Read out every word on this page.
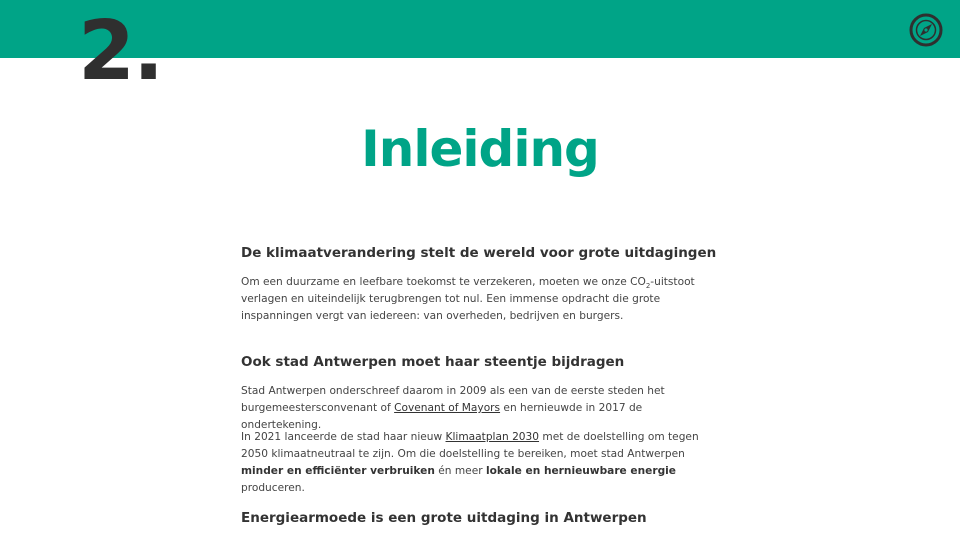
2.
Inleiding
De klimaatverandering stelt de wereld voor grote uitdagingen

Om een duurzame en leefbare toekomst te verzekeren, moeten we onze $CO_2$-uitstoot verlagen en uiteindelijk terugbrengen tot nul. Een immense opdracht die grote inspanningen vergt van iedereen: van overheden, bedrijven en burgers.

Ook stad Antwerpen moet haar steentje bijdragen

Stad Antwerpen onderschreef daarom in 2009 als een van de eerste steden het burgemeestersconvenant of Covenant of Mayors en hernieuwde in 2017 de ondertekening.

In 2021 lanceerde de stad haar nieuw Klimaatplan 2030 met de doelstelling om tegen 2050 klimaatneutraal te zijn. Om die doelstelling te bereiken, moet stad Antwerpen minder en efficiënter verbruiken én meer lokale en hernieuwbare energie produceren.

Energiearmoede is een grote uitdaging in Antwerpen
